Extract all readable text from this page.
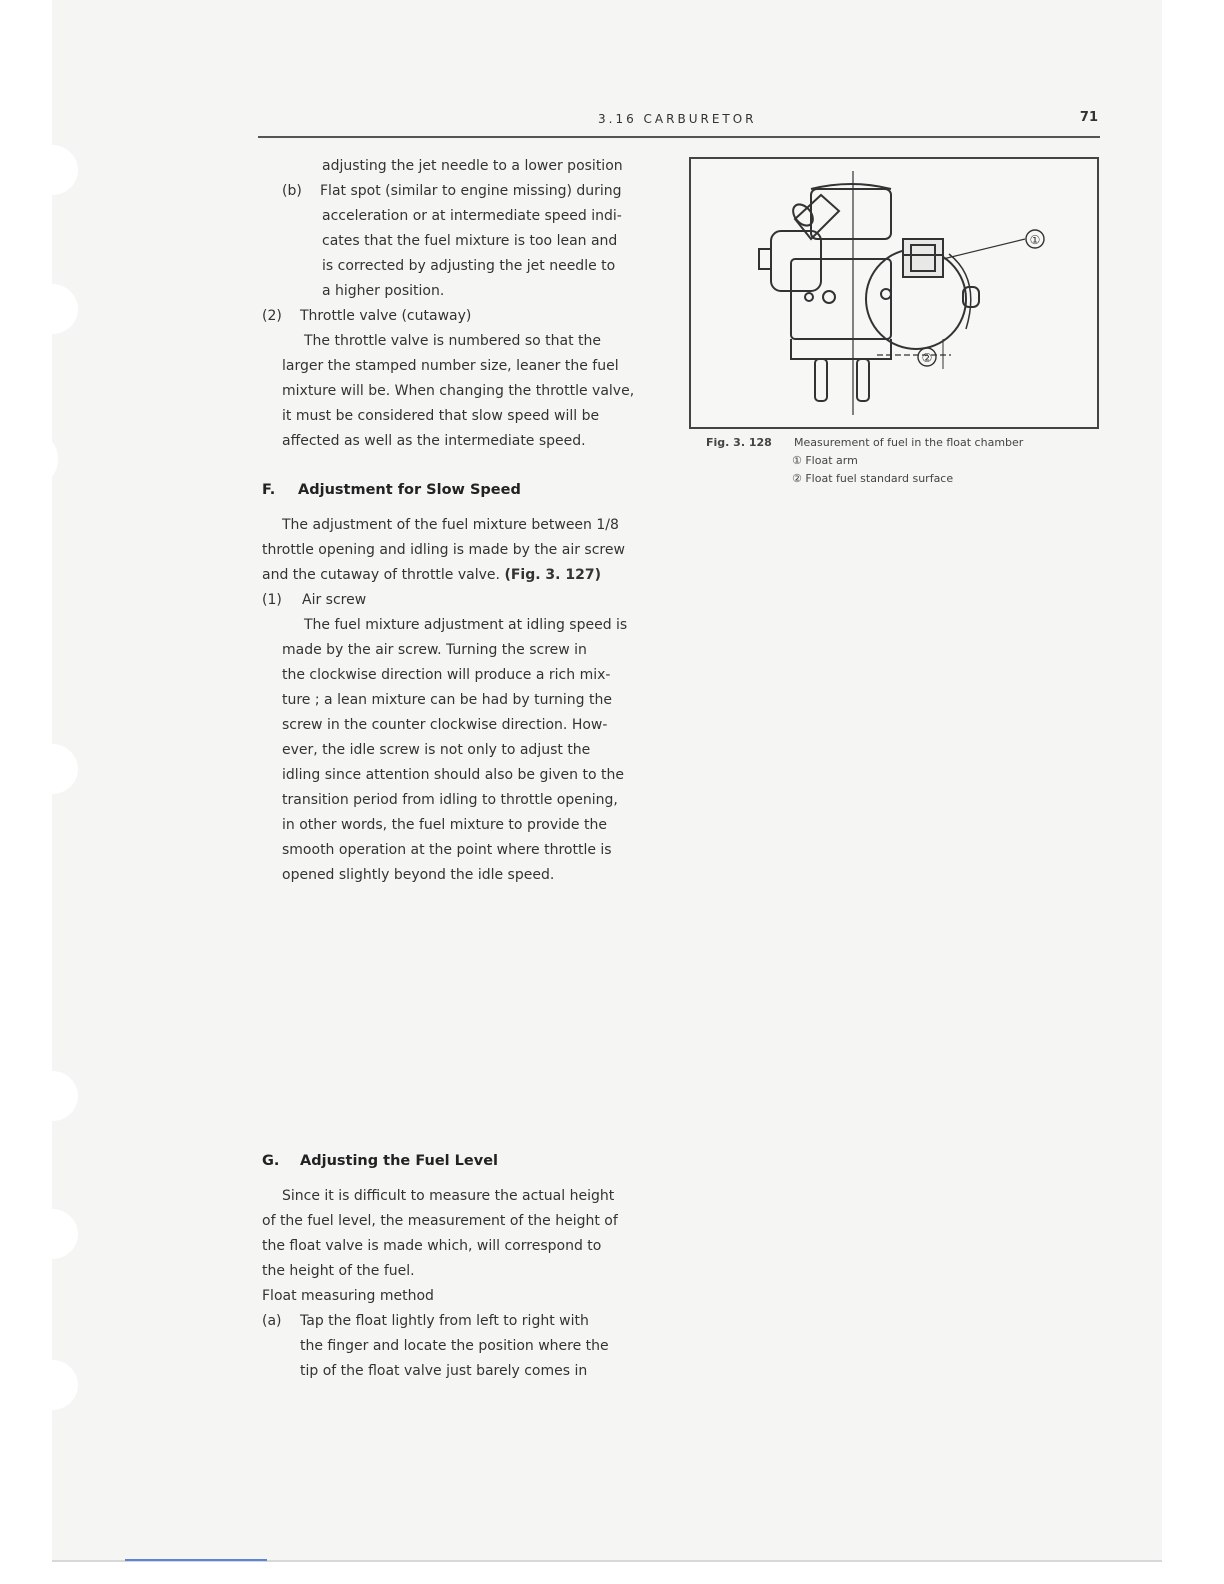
3.16 CARBURETOR	71
adjusting the jet needle to a lower position
(b) Flat spot (similar to engine missing) during
acceleration or at intermediate speed indi-
cates that the fuel mixture is too lean and
is corrected by adjusting the jet needle to
a higher position.
(2) Throttle valve (cutaway)
The throttle valve is numbered so that the
larger the stamped number size, leaner the fuel
mixture will be. When changing the throttle valve,
it must be considered that slow speed will be
affected as well as the intermediate speed.
F. Adjustment for Slow Speed
The adjustment of the fuel mixture between 1/8
throttle opening and idling is made by the air screw
and the cutaway of throttle valve. (Fig. 3. 127)
(1) Air screw
The fuel mixture adjustment at idling speed is
made by the air screw. Turning the screw in
the clockwise direction will produce a rich mix-
ture ; a lean mixture can be had by turning the
screw in the counter clockwise direction. How-
ever, the idle screw is not only to adjust the
idling since attention should also be given to the
transition period from idling to throttle opening,
in other words, the fuel mixture to provide the
smooth operation at the point where throttle is
opened slightly beyond the idle speed.
G. Adjusting the Fuel Level
Since it is difficult to measure the actual height
of the fuel level, the measurement of the height of
the float valve is made which, will correspond to
the height of the fuel.
Float measuring method
(a) Tap the float lightly from left to right with
the finger and locate the position where the
tip of the float valve just barely comes in
①
②
Fig. 3. 128 Measurement of fuel in the float chamber
① Float arm
② Float fuel standard surface
